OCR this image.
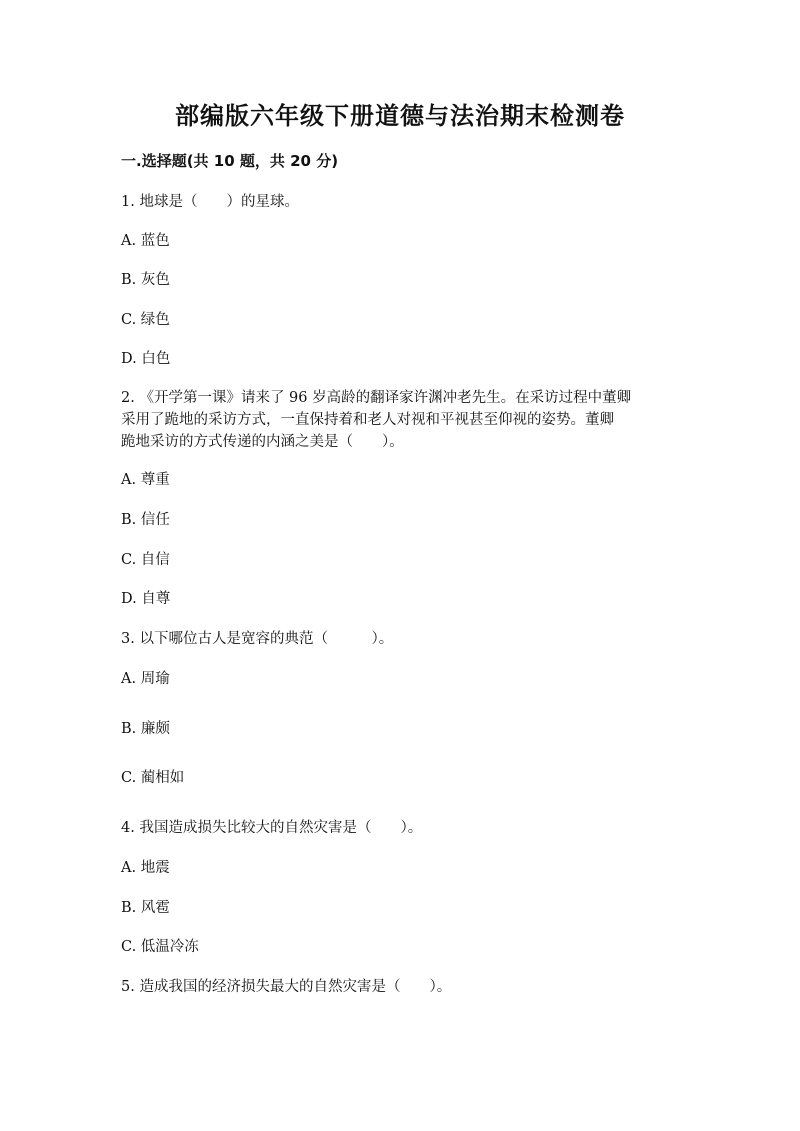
部编版六年级下册道德与法治期末检测卷
一.选择题(共 10 题，共 20 分)
1. 地球是（　　）的星球。
A. 蓝色
B. 灰色
C. 绿色
D. 白色
2. 《开学第一课》请来了 96 岁高龄的翻译家许渊冲老先生。在采访过程中董卿
采用了跪地的采访方式，一直保持着和老人对视和平视甚至仰视的姿势。董卿
跪地采访的方式传递的内涵之美是（　　）。
A. 尊重
B. 信任
C. 自信
D. 自尊
3. 以下哪位古人是宽容的典范（　　　）。
A. 周瑜
B. 廉颇
C. 蔺相如
4. 我国造成损失比较大的自然灾害是（　　）。
A. 地震
B. 风雹
C. 低温冷冻
5. 造成我国的经济损失最大的自然灾害是（　　）。
